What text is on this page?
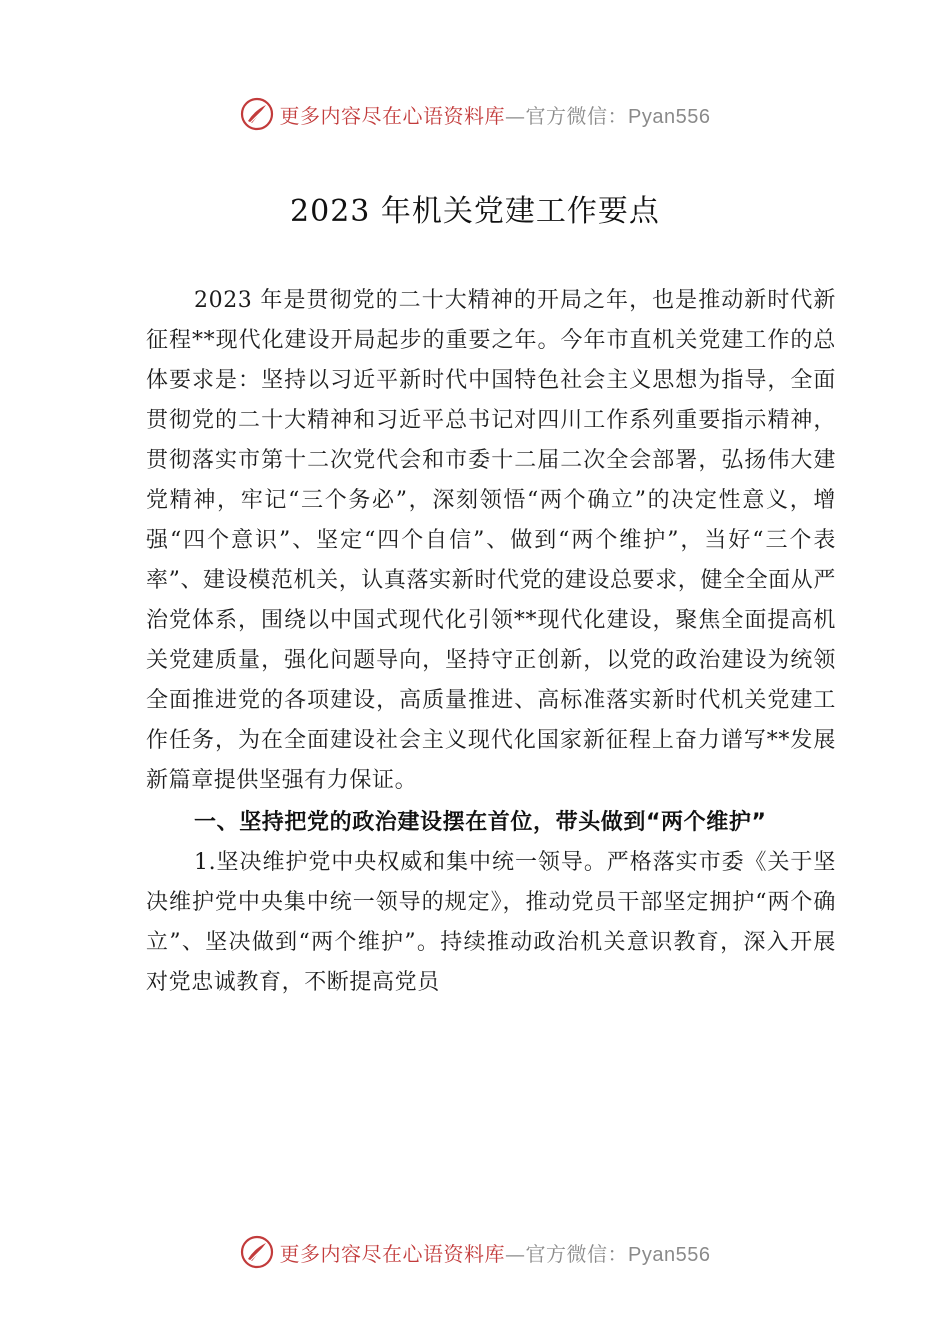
更多内容尽在心语资料库—官方微信：Pyan556
2023 年机关党建工作要点

2023 年是贯彻党的二十大精神的开局之年，也是推动新时代新征程**现代化建设开局起步的重要之年。今年市直机关党建工作的总体要求是：坚持以习近平新时代中国特色社会主义思想为指导，全面贯彻党的二十大精神和习近平总书记对四川工作系列重要指示精神，贯彻落实市第十二次党代会和市委十二届二次全会部署，弘扬伟大建党精神，牢记“三个务必”，深刻领悟“两个确立”的决定性意义，增强“四个意识”、坚定“四个自信”、做到“两个维护”，当好“三个表率”、建设模范机关，认真落实新时代党的建设总要求，健全全面从严治党体系，围绕以中国式现代化引领**现代化建设，聚焦全面提高机关党建质量，强化问题导向，坚持守正创新，以党的政治建设为统领全面推进党的各项建设，高质量推进、高标准落实新时代机关党建工作任务，为在全面建设社会主义现代化国家新征程上奋力谱写**发展新篇章提供坚强有力保证。

一、坚持把党的政治建设摆在首位，带头做到“两个维护”

1.坚决维护党中央权威和集中统一领导。严格落实市委《关于坚决维护党中央集中统一领导的规定》，推动党员干部坚定拥护“两个确立”、坚决做到“两个维护”。持续推动政治机关意识教育，深入开展对党忠诚教育，不断提高党员

更多内容尽在心语资料库—官方微信：Pyan556
